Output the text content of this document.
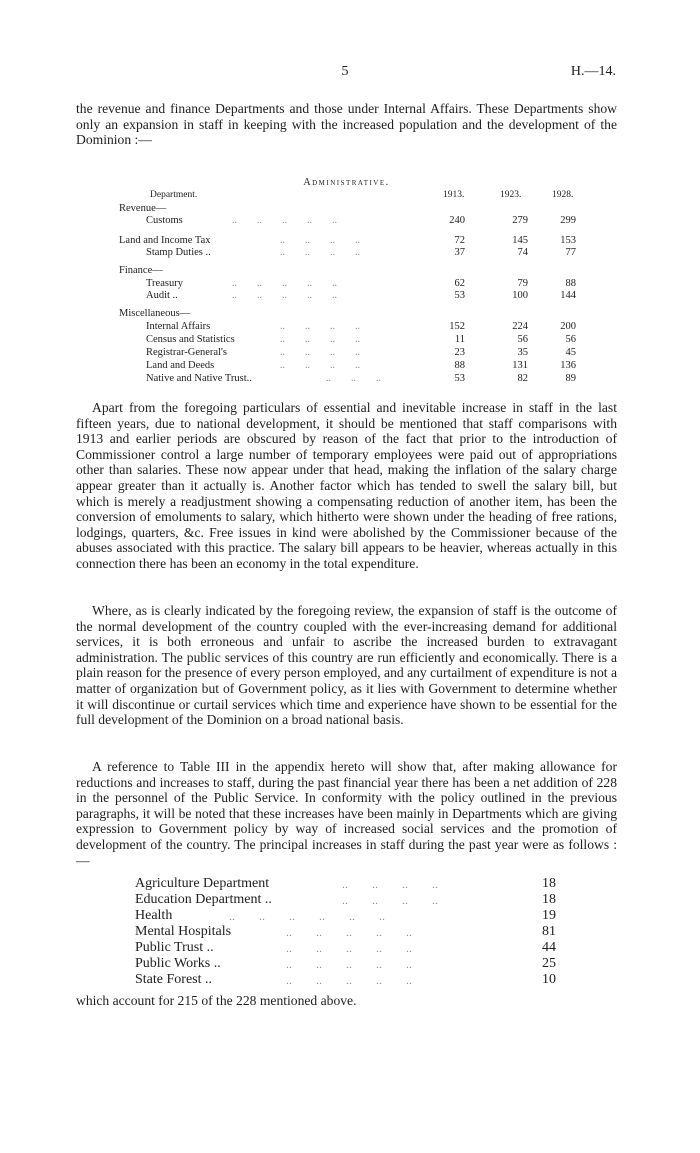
5	H.—14.

the revenue and finance Departments and those under Internal Affairs. These Departments show only an expansion in staff in keeping with the increased population and the development of the Dominion :—

Administrative.
Department.	1913.	1923.	1928.
Revenue—
Customs	..        ..        ..        ..        ..	240	279	299
Land and Income Tax	..        ..        ..        ..	72	145	153
Stamp Duties ..	..        ..        ..        ..	37	74	77
Finance—
Treasury	..        ..        ..        ..        ..	62	79	88
Audit ..	..        ..        ..        ..        ..	53	100	144
Miscellaneous—
Internal Affairs	..        ..        ..        ..	152	224	200
Census and Statistics	..        ..        ..        ..	11	56	56
Registrar-General's	..        ..        ..        ..	23	35	45
Land and Deeds	..        ..        ..        ..	88	131	136
Native and Native Trust..	..        ..        ..	53	82	89

Apart from the foregoing particulars of essential and inevitable increase in staff in the last fifteen years, due to national development, it should be mentioned that staff comparisons with 1913 and earlier periods are obscured by reason of the fact that prior to the introduction of Commissioner control a large number of temporary employees were paid out of appropriations other than salaries. These now appear under that head, making the inflation of the salary charge appear greater than it actually is. Another factor which has tended to swell the salary bill, but which is merely a readjustment showing a compensating reduction of another item, has been the conversion of emoluments to salary, which hitherto were shown under the heading of free rations, lodgings, quarters, &c. Free issues in kind were abolished by the Commissioner because of the abuses associated with this practice. The salary bill appears to be heavier, whereas actually in this connection there has been an economy in the total expenditure.

Where, as is clearly indicated by the foregoing review, the expansion of staff is the outcome of the normal development of the country coupled with the ever-increasing demand for additional services, it is both erroneous and unfair to ascribe the increased burden to extravagant administration. The public services of this country are run efficiently and economically. There is a plain reason for the presence of every person employed, and any curtailment of expenditure is not a matter of organization but of Government policy, as it lies with Government to determine whether it will discontinue or curtail services which time and experience have shown to be essential for the full development of the Dominion on a broad national basis.

A reference to Table III in the appendix hereto will show that, after making allowance for reductions and increases to staff, during the past financial year there has been a net addition of 228 in the personnel of the Public Service. In conformity with the policy outlined in the previous paragraphs, it will be noted that these increases have been mainly in Departments which are giving expression to Government policy by way of increased social services and the promotion of development of the country. The principal increases in staff during the past year were as follows :—

Agriculture Department	..        ..        ..        ..	18
Education Department ..	..        ..        ..        ..	18
Health	..        ..        ..        ..        ..        ..	19
Mental Hospitals	..        ..        ..        ..        ..	81
Public Trust ..	..        ..        ..        ..        ..	44
Public Works ..	..        ..        ..        ..        ..	25
State Forest ..	..        ..        ..        ..        ..	10

which account for 215 of the 228 mentioned above.
